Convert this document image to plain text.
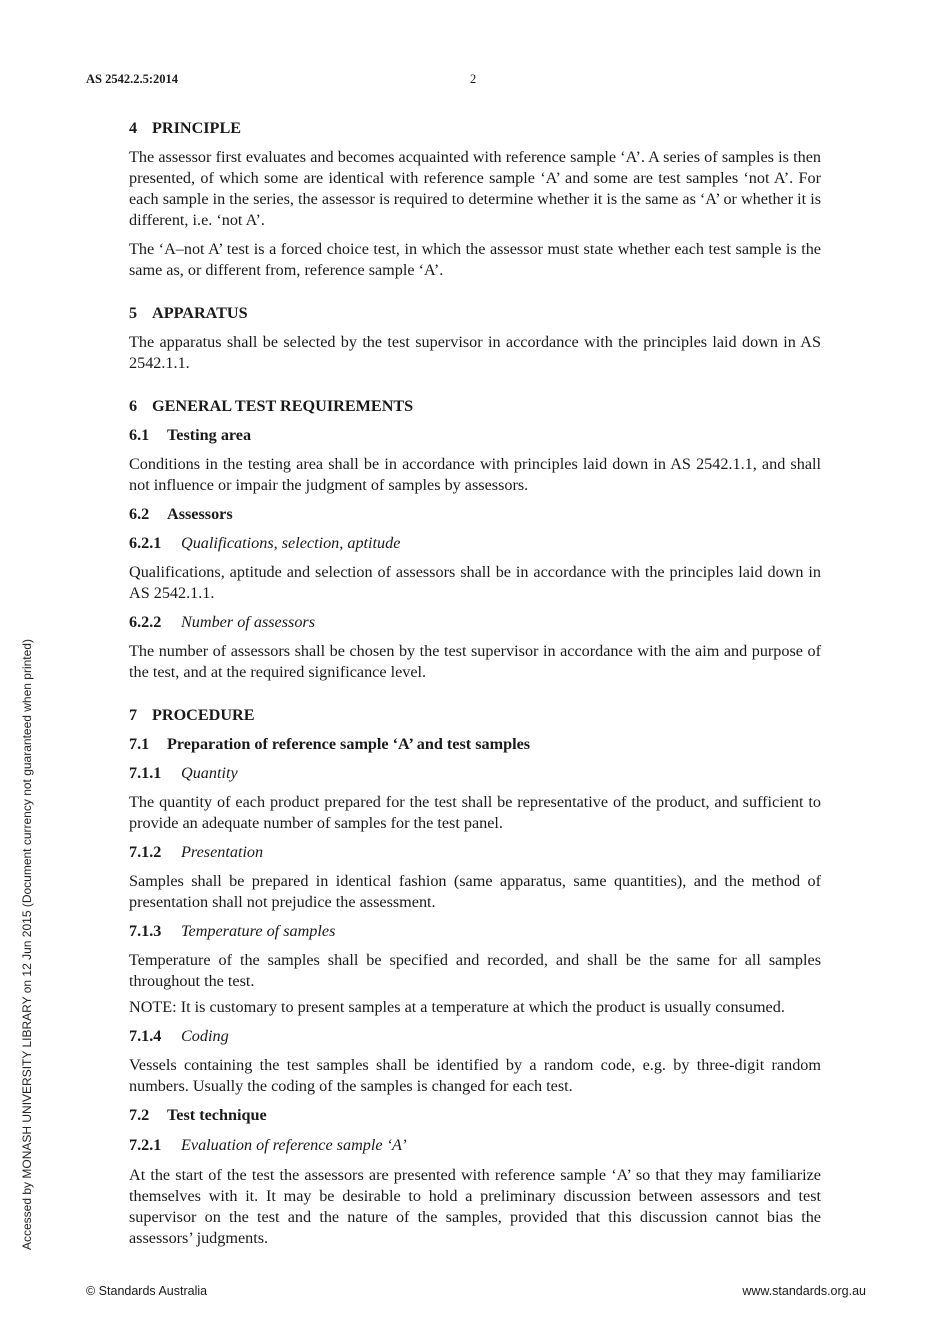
AS 2542.2.5:2014	2
Accessed by MONASH UNIVERSITY LIBRARY on 12 Jun 2015 (Document currency not guaranteed when printed)
4 PRINCIPLE

The assessor first evaluates and becomes acquainted with reference sample ‘A’. A series of samples is then presented, of which some are identical with reference sample ‘A’ and some are test samples ‘not A’. For each sample in the series, the assessor is required to determine whether it is the same as ‘A’ or whether it is different, i.e. ‘not A’.

The ‘A–not A’ test is a forced choice test, in which the assessor must state whether each test sample is the same as, or different from, reference sample ‘A’.

5 APPARATUS

The apparatus shall be selected by the test supervisor in accordance with the principles laid down in AS 2542.1.1.

6 GENERAL TEST REQUIREMENTS
6.1 Testing area

Conditions in the testing area shall be in accordance with principles laid down in AS 2542.1.1, and shall not influence or impair the judgment of samples by assessors.

6.2 Assessors
6.2.1 Qualifications, selection, aptitude

Qualifications, aptitude and selection of assessors shall be in accordance with the principles laid down in AS 2542.1.1.

6.2.2 Number of assessors

The number of assessors shall be chosen by the test supervisor in accordance with the aim and purpose of the test, and at the required significance level.

7 PROCEDURE
7.1 Preparation of reference sample ‘A’ and test samples
7.1.1 Quantity

The quantity of each product prepared for the test shall be representative of the product, and sufficient to provide an adequate number of samples for the test panel.

7.1.2 Presentation

Samples shall be prepared in identical fashion (same apparatus, same quantities), and the method of presentation shall not prejudice the assessment.

7.1.3 Temperature of samples

Temperature of the samples shall be specified and recorded, and shall be the same for all samples throughout the test.

NOTE: It is customary to present samples at a temperature at which the product is usually consumed.

7.1.4 Coding

Vessels containing the test samples shall be identified by a random code, e.g. by three-digit random numbers. Usually the coding of the samples is changed for each test.

7.2 Test technique
7.2.1 Evaluation of reference sample ‘A’

At the start of the test the assessors are presented with reference sample ‘A’ so that they may familiarize themselves with it. It may be desirable to hold a preliminary discussion between assessors and test supervisor on the test and the nature of the samples, provided that this discussion cannot bias the assessors’ judgments.

© Standards Australia	www.standards.org.au
